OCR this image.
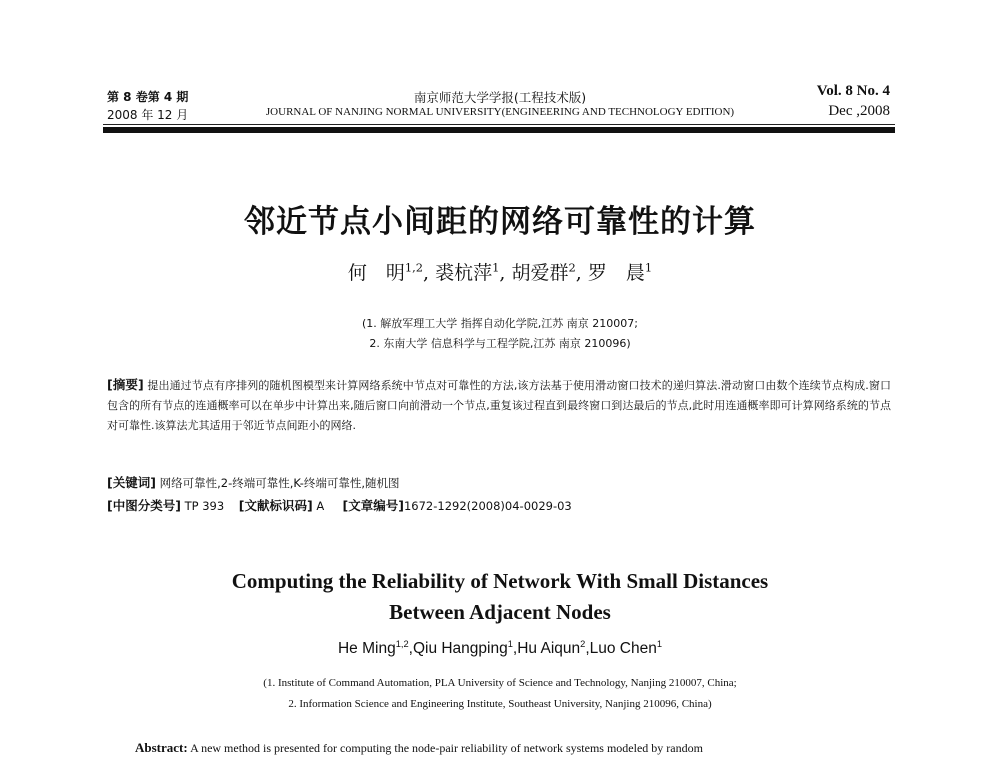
第 8 卷第 4 期
2008 年 12 月
南京师范大学学报(工程技术版)
JOURNAL OF NANJING NORMAL UNIVERSITY(ENGINEERING AND TECHNOLOGY EDITION)
Vol. 8 No. 4
Dec ,2008
邻近节点小间距的网络可靠性的计算
何　明$^{1,2}$, 裘杭萍$^1$, 胡爱群$^2$, 罗　晨$^1$
(1. 解放军理工大学 指挥自动化学院,江苏 南京 210007;
2. 东南大学 信息科学与工程学院,江苏 南京 210096)
[摘要] 提出通过节点有序排列的随机图模型来计算网络系统中节点对可靠性的方法,该方法基于使用滑动窗口技术的递归算法.滑动窗口由数个连续节点构成.窗口包含的所有节点的连通概率可以在单步中计算出来,随后窗口向前滑动一个节点,重复该过程直到最终窗口到达最后的节点,此时用连通概率即可计算网络系统的节点对可靠性.该算法尤其适用于邻近节点间距小的网络.
[关键词] 网络可靠性,2-终端可靠性,K-终端可靠性,随机图
[中图分类号] TP 393 [文献标识码] A [文章编号]1672-1292(2008)04-0029-03
Computing the Reliability of Network With Small Distances
Between Adjacent Nodes
He Ming$^{1,2}$,Qiu Hangping$^1$,Hu Aiqun$^2$,Luo Chen$^1$
(1. Institute of Command Automation, PLA University of Science and Technology, Nanjing 210007, China;
2. Information Science and Engineering Institute, Southeast University, Nanjing 210096, China)
Abstract: A new method is presented for computing the node-pair reliability of network systems modeled by random
